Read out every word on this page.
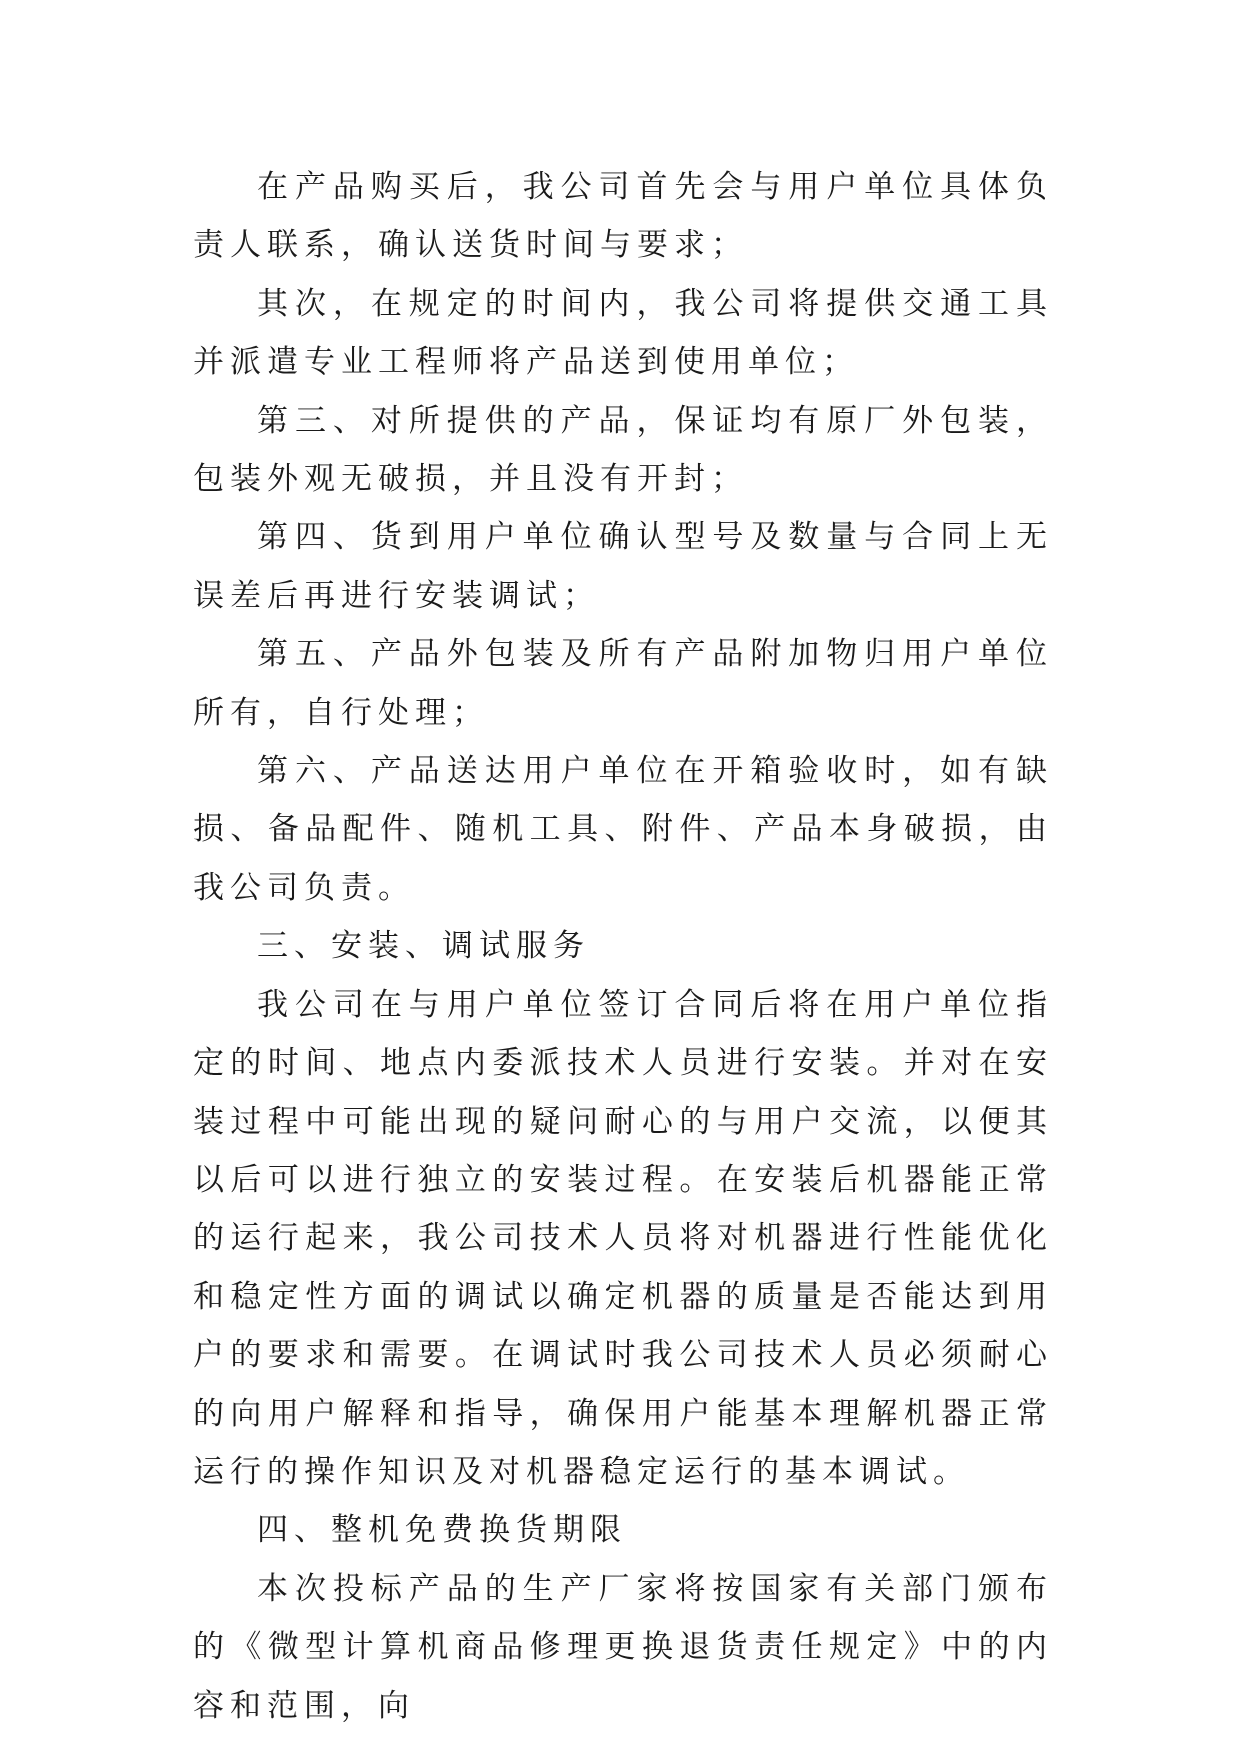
在产品购买后，我公司首先会与用户单位具体负责人联系，确认送货时间与要求；

其次，在规定的时间内，我公司将提供交通工具并派遣专业工程师将产品送到使用单位；

第三、对所提供的产品，保证均有原厂外包装，包装外观无破损，并且没有开封；

第四、货到用户单位确认型号及数量与合同上无误差后再进行安装调试；

第五、产品外包装及所有产品附加物归用户单位所有，自行处理；

第六、产品送达用户单位在开箱验收时，如有缺损、备品配件、随机工具、附件、产品本身破损，由我公司负责。

三、安装、调试服务

我公司在与用户单位签订合同后将在用户单位指定的时间、地点内委派技术人员进行安装。并对在安装过程中可能出现的疑问耐心的与用户交流，以便其以后可以进行独立的安装过程。在安装后机器能正常的运行起来，我公司技术人员将对机器进行性能优化和稳定性方面的调试以确定机器的质量是否能达到用户的要求和需要。在调试时我公司技术人员必须耐心的向用户解释和指导，确保用户能基本理解机器正常运行的操作知识及对机器稳定运行的基本调试。

四、整机免费换货期限

本次投标产品的生产厂家将按国家有关部门颁布的《微型计算机商品修理更换退货责任规定》中的内容和范围，向
